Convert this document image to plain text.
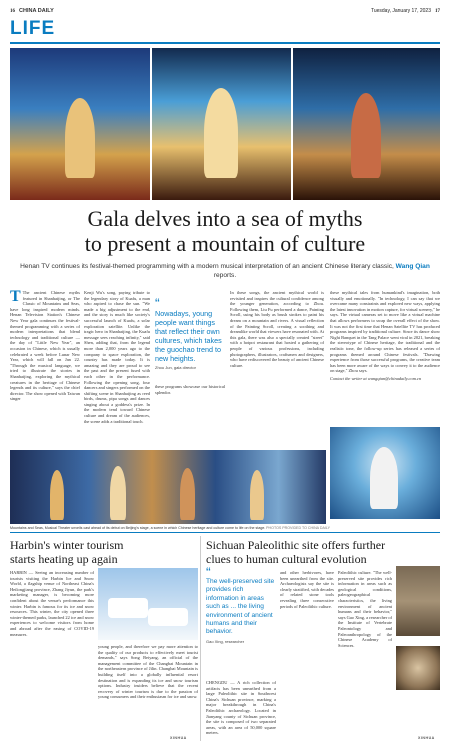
16 CHINA DAILY	Tuesday, January 17, 2023 17
LIFE
Gala delves into a sea of myths
to present a mountain of culture
Henan TV continues its festival-themed programming with a modern musical interpretation of an ancient Chinese literary classic, Wang Qian reports.
T The ancient Chinese myths featured in Shanhaijing, or The Classic of Mountains and Seas, have long inspired modern minds. Henan Television Station's Chinese New Year gala continues the festival-themed programming with a series of modern interpretations that blend technology and traditional culture — the day of "Little New Year", an occasion in Chinese, which is usually celebrated a week before Lunar New Year, which will fall on Jan 22. "Through the musical language, we tried to illustrate the stories in Shanhaijing, exploring the mythical creatures in the heritage of Chinese legends and its culture," says the chief director. The show opened with Taiwan singer
Kenji Wu's song, paying tribute to the legendary story of Kuafu, a man who aspired to chase the sun. "We made a big adjustment to the end, and the story is much like society's successful launch of Kuafu, a solar exploration satellite. Unlike the tragic hero in Shanhaijing, the Kuafu message sees reaching infinity," said Shen, adding that, from the legend more than 2,000 years ago to the company to space exploration, the country has made today. It is amazing and they are proud to see the past and the present fused with each other in the performance. Following the opening song, four dancers and singers performed on the shifting scene in Shanhaijing as reed birds, drums, pipa songs and dances singing about a goddess's prize. In the modern tend toward Chinese culture and dream of the audiences, the scene adds a traditional touch.
“
Nowadays, young people want things that reflect their own cultures, which takes the guochao trend to new heights.
Zhou Jun, gala director
these programs showcase our historical splendor.
In these songs, the ancient mythical world is revisited and inspires the cultural confidence among the younger generation, according to Zhou. Following them, Liu Fu performed a dance, Painting Scroll, using his body as brush strokes to paint his dream on a mountain and rivers. A visual reflection of the Painting Scroll, creating a soothing and dreamlike world that viewers have resonated with. At this gala, there was also a specially created "street" with a hotpot restaurant that hosted a gathering of people of various professions, including photographers, illustrators, craftsmen and designers, who have rediscovered the beauty of ancient Chinese culture.
these mythical tales from humankind's imagination, both visually and emotionally. "In technology, I can say that we overcame many constraints and explored new ways, applying the latest innovation in motion capture, for virtual scenery," he says. The virtual cameras set to move like a virtual machine that allows performers to swap the overall effect of the show. It was not the first time that Henan Satellite TV has produced programs inspired by traditional culture. Since its dance show Night Banquet in the Tang Palace went viral in 2021, breaking the stereotype of Chinese heritage, the traditional and the realistic tone, the follow-up series has released a series of programs themed around Chinese festivals. "Drawing experience from those successful programs, the creative team has been more aware of the ways to convey it to the audience on stage," Zhou says.
Contact the writer at wangqian@chinadaily.com.cn
PHOTOS PROVIDED TO CHINA DAILY
Mountains and Seas, Musical Theater unveils cast ahead of its debut on Beijing's stage, a scene in which Chinese heritage and culture come to life on the stage.
Harbin's winter tourism
starts heating up again
HARBIN — Seeing an increasing number of tourists visiting the Harbin Ice and Snow World, a flagship venue of Northeast China's Heilongjiang province, Zhang Jiyun, the park's marketing manager, is becoming more confident about the venue's performance this winter. Harbin is famous for its ice and snow resources. This winter, the city opened three winter-themed parks, launched 22 ice and snow experiences to welcome visitors from home and abroad after the easing of COVID-19 measures.
young people, and therefore we pay more attention to the quality of our products to effectively meet tourist demands," says Song Beiyang, an official of the management committee of the Changbai Mountain in the northeastern province of Jilin. Changbai Mountain is building itself into a globally influential resort destination and is expanding its ice and snow tourism options. Industry insiders believe that the recent recovery of winter tourism is due to the passion of young consumers and their enthusiasm for ice and snow.
XINHUA
Sichuan Paleolithic site offers further
clues to human cultural evolution
“
The well-preserved site provides rich information in areas such as ... the living environment of ancient humans and their behavior.
Gao Xing, researcher
CHENGDU — A rich collection of artifacts has been unearthed from a large Paleolithic site in Southwest China's Sichuan province, marking a major breakthrough in China's Paleolithic archaeology. Located in Jianyang county of Sichuan province, the site is composed of two separated areas, with an area of 50,000 square meters.
and other herbivores, have been unearthed from the site. Archaeologists say the site is clearly stratified, with decades of related stone tools revealing three consecutive periods of Paleolithic culture.
Paleolithic culture. "The well-preserved site provides rich information in areas such as geological conditions, paleogeographical characteristics, the living environment of ancient humans and their behavior," says Gao Xing, a researcher of the Institute of Vertebrate Paleontology and Paleoanthropology of the Chinese Academy of Sciences.
XINHUA
